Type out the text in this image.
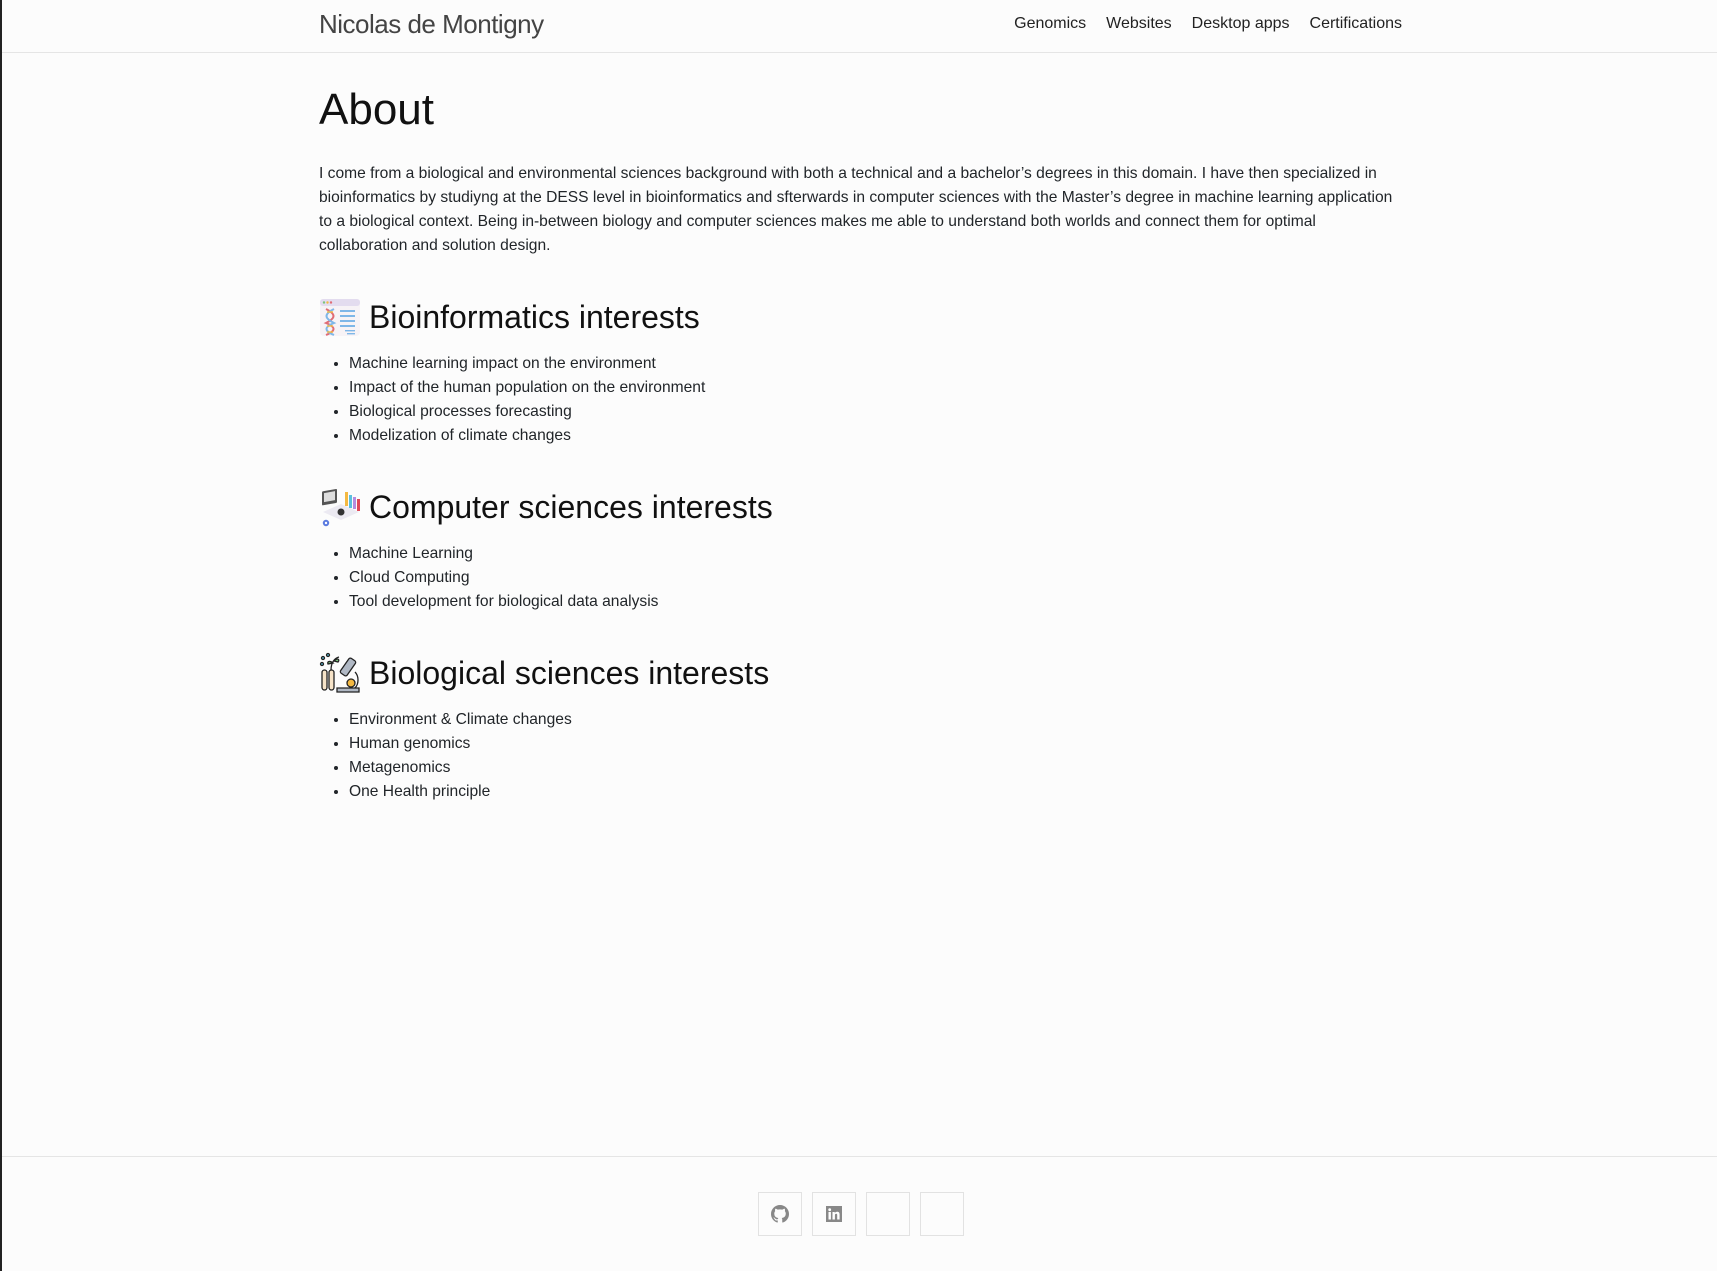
Nicolas de Montigny	Genomics Websites Desktop apps Certifications
About

I come from a biological and environmental sciences background with both a technical and a bachelor’s degrees in this domain. I have then specialized in bioinformatics by studiyng at the DESS level in bioinformatics and sfterwards in computer sciences with the Master’s degree in machine learning application to a biological context. Being in-between biology and computer sciences makes me able to understand both worlds and connect them for optimal collaboration and solution design.

Bioinformatics interests
• Machine learning impact on the environment
• Impact of the human population on the environment
• Biological processes forecasting
• Modelization of climate changes
Computer sciences interests
• Machine Learning
• Cloud Computing
• Tool development for biological data analysis
Biological sciences interests
• Environment & Climate changes
• Human genomics
• Metagenomics
• One Health principle
